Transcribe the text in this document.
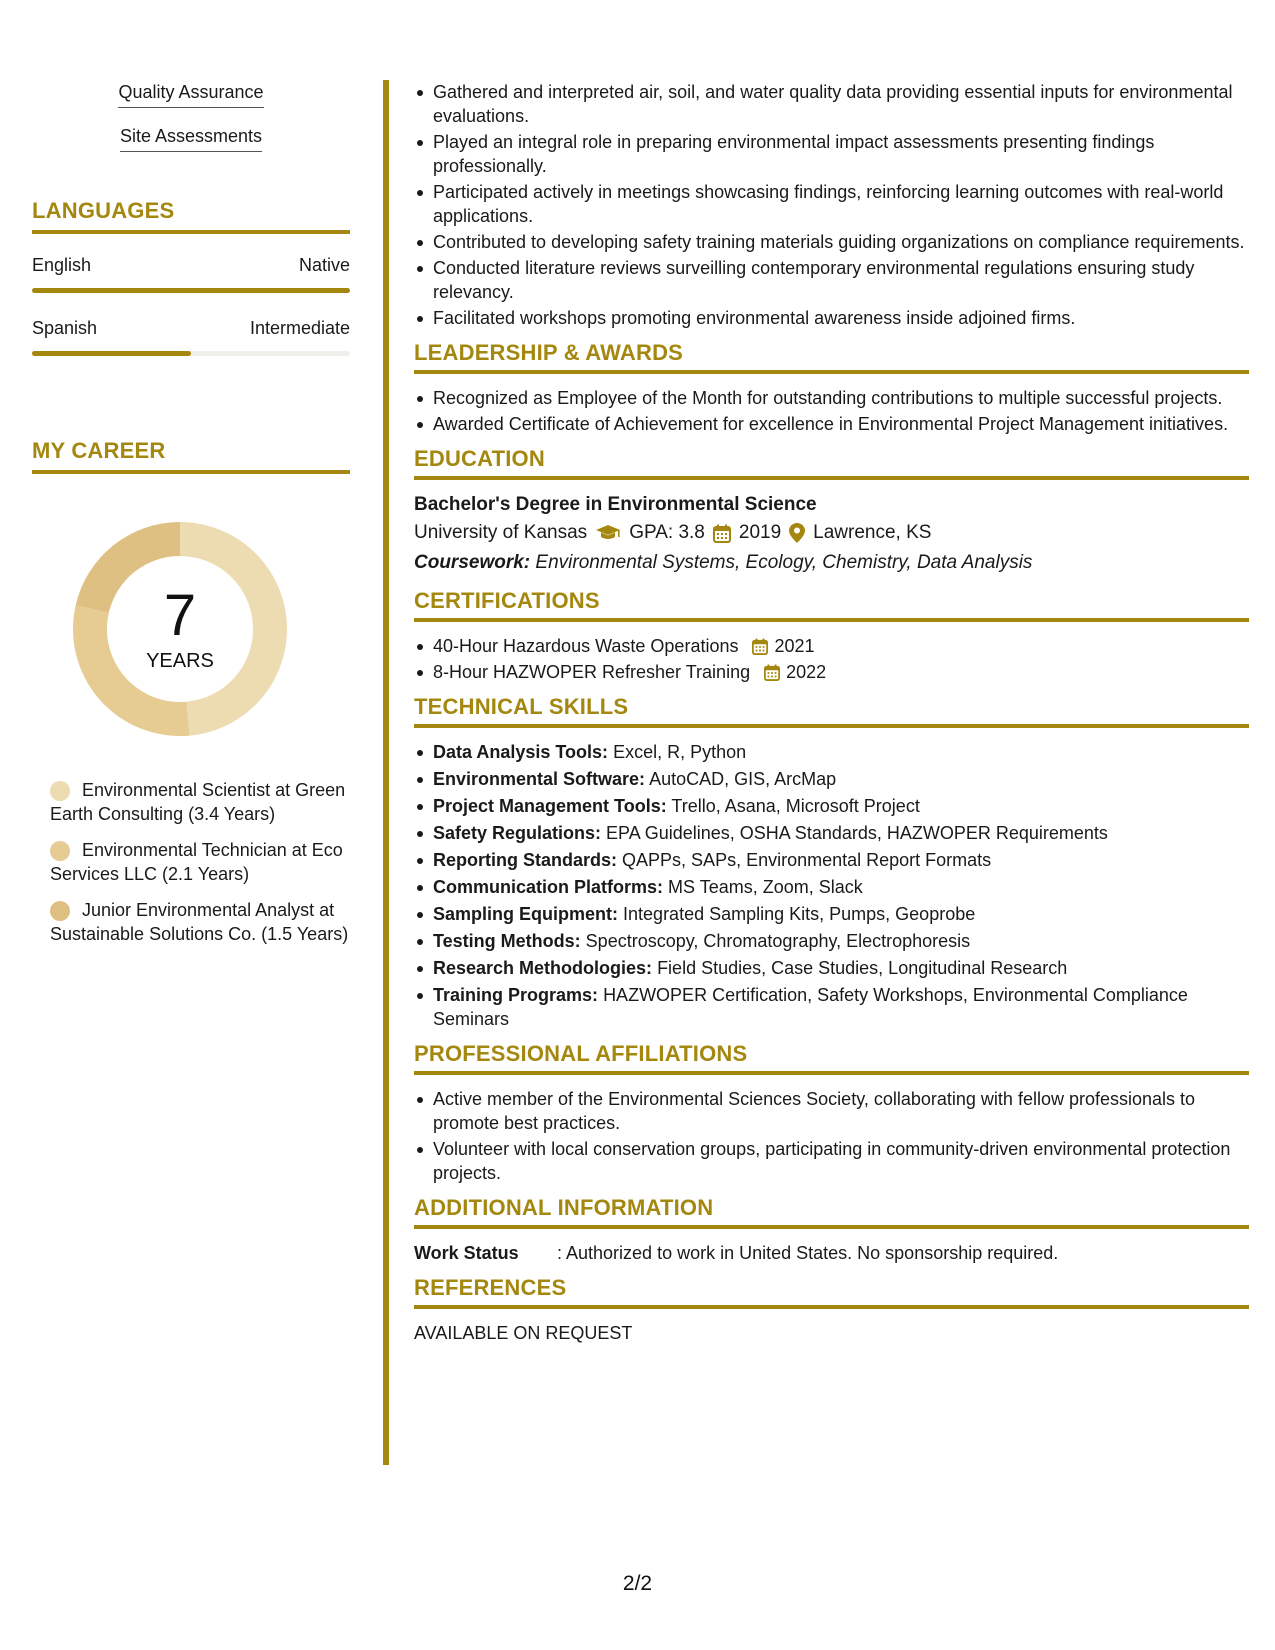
Quality Assurance
Site Assessments
LANGUAGES
English	Native
Spanish	Intermediate
MY CAREER
7
YEARS
Environmental Scientist at Green Earth Consulting (3.4 Years)
Environmental Technician at Eco Services LLC (2.1 Years)
Junior Environmental Analyst at Sustainable Solutions Co. (1.5 Years)
Gathered and interpreted air, soil, and water quality data providing essential inputs for environmental evaluations.
Played an integral role in preparing environmental impact assessments presenting findings professionally.
Participated actively in meetings showcasing findings, reinforcing learning outcomes with real-world applications.
Contributed to developing safety training materials guiding organizations on compliance requirements.
Conducted literature reviews surveilling contemporary environmental regulations ensuring study relevancy.
Facilitated workshops promoting environmental awareness inside adjoined firms.
LEADERSHIP & AWARDS
Recognized as Employee of the Month for outstanding contributions to multiple successful projects.
Awarded Certificate of Achievement for excellence in Environmental Project Management initiatives.
EDUCATION
Bachelor's Degree in Environmental Science
University of Kansas GPA: 3.8 2019 Lawrence, KS
Coursework: Environmental Systems, Ecology, Chemistry, Data Analysis
CERTIFICATIONS
40-Hour Hazardous Waste Operations 2021
8-Hour HAZWOPER Refresher Training 2022
TECHNICAL SKILLS
Data Analysis Tools: Excel, R, Python
Environmental Software: AutoCAD, GIS, ArcMap
Project Management Tools: Trello, Asana, Microsoft Project
Safety Regulations: EPA Guidelines, OSHA Standards, HAZWOPER Requirements
Reporting Standards: QAPPs, SAPs, Environmental Report Formats
Communication Platforms: MS Teams, Zoom, Slack
Sampling Equipment: Integrated Sampling Kits, Pumps, Geoprobe
Testing Methods: Spectroscopy, Chromatography, Electrophoresis
Research Methodologies: Field Studies, Case Studies, Longitudinal Research
Training Programs: HAZWOPER Certification, Safety Workshops, Environmental Compliance Seminars
PROFESSIONAL AFFILIATIONS
Active member of the Environmental Sciences Society, collaborating with fellow professionals to promote best practices.
Volunteer with local conservation groups, participating in community-driven environmental protection projects.
ADDITIONAL INFORMATION
Work Status	: Authorized to work in United States. No sponsorship required.
REFERENCES
AVAILABLE ON REQUEST
2/2
